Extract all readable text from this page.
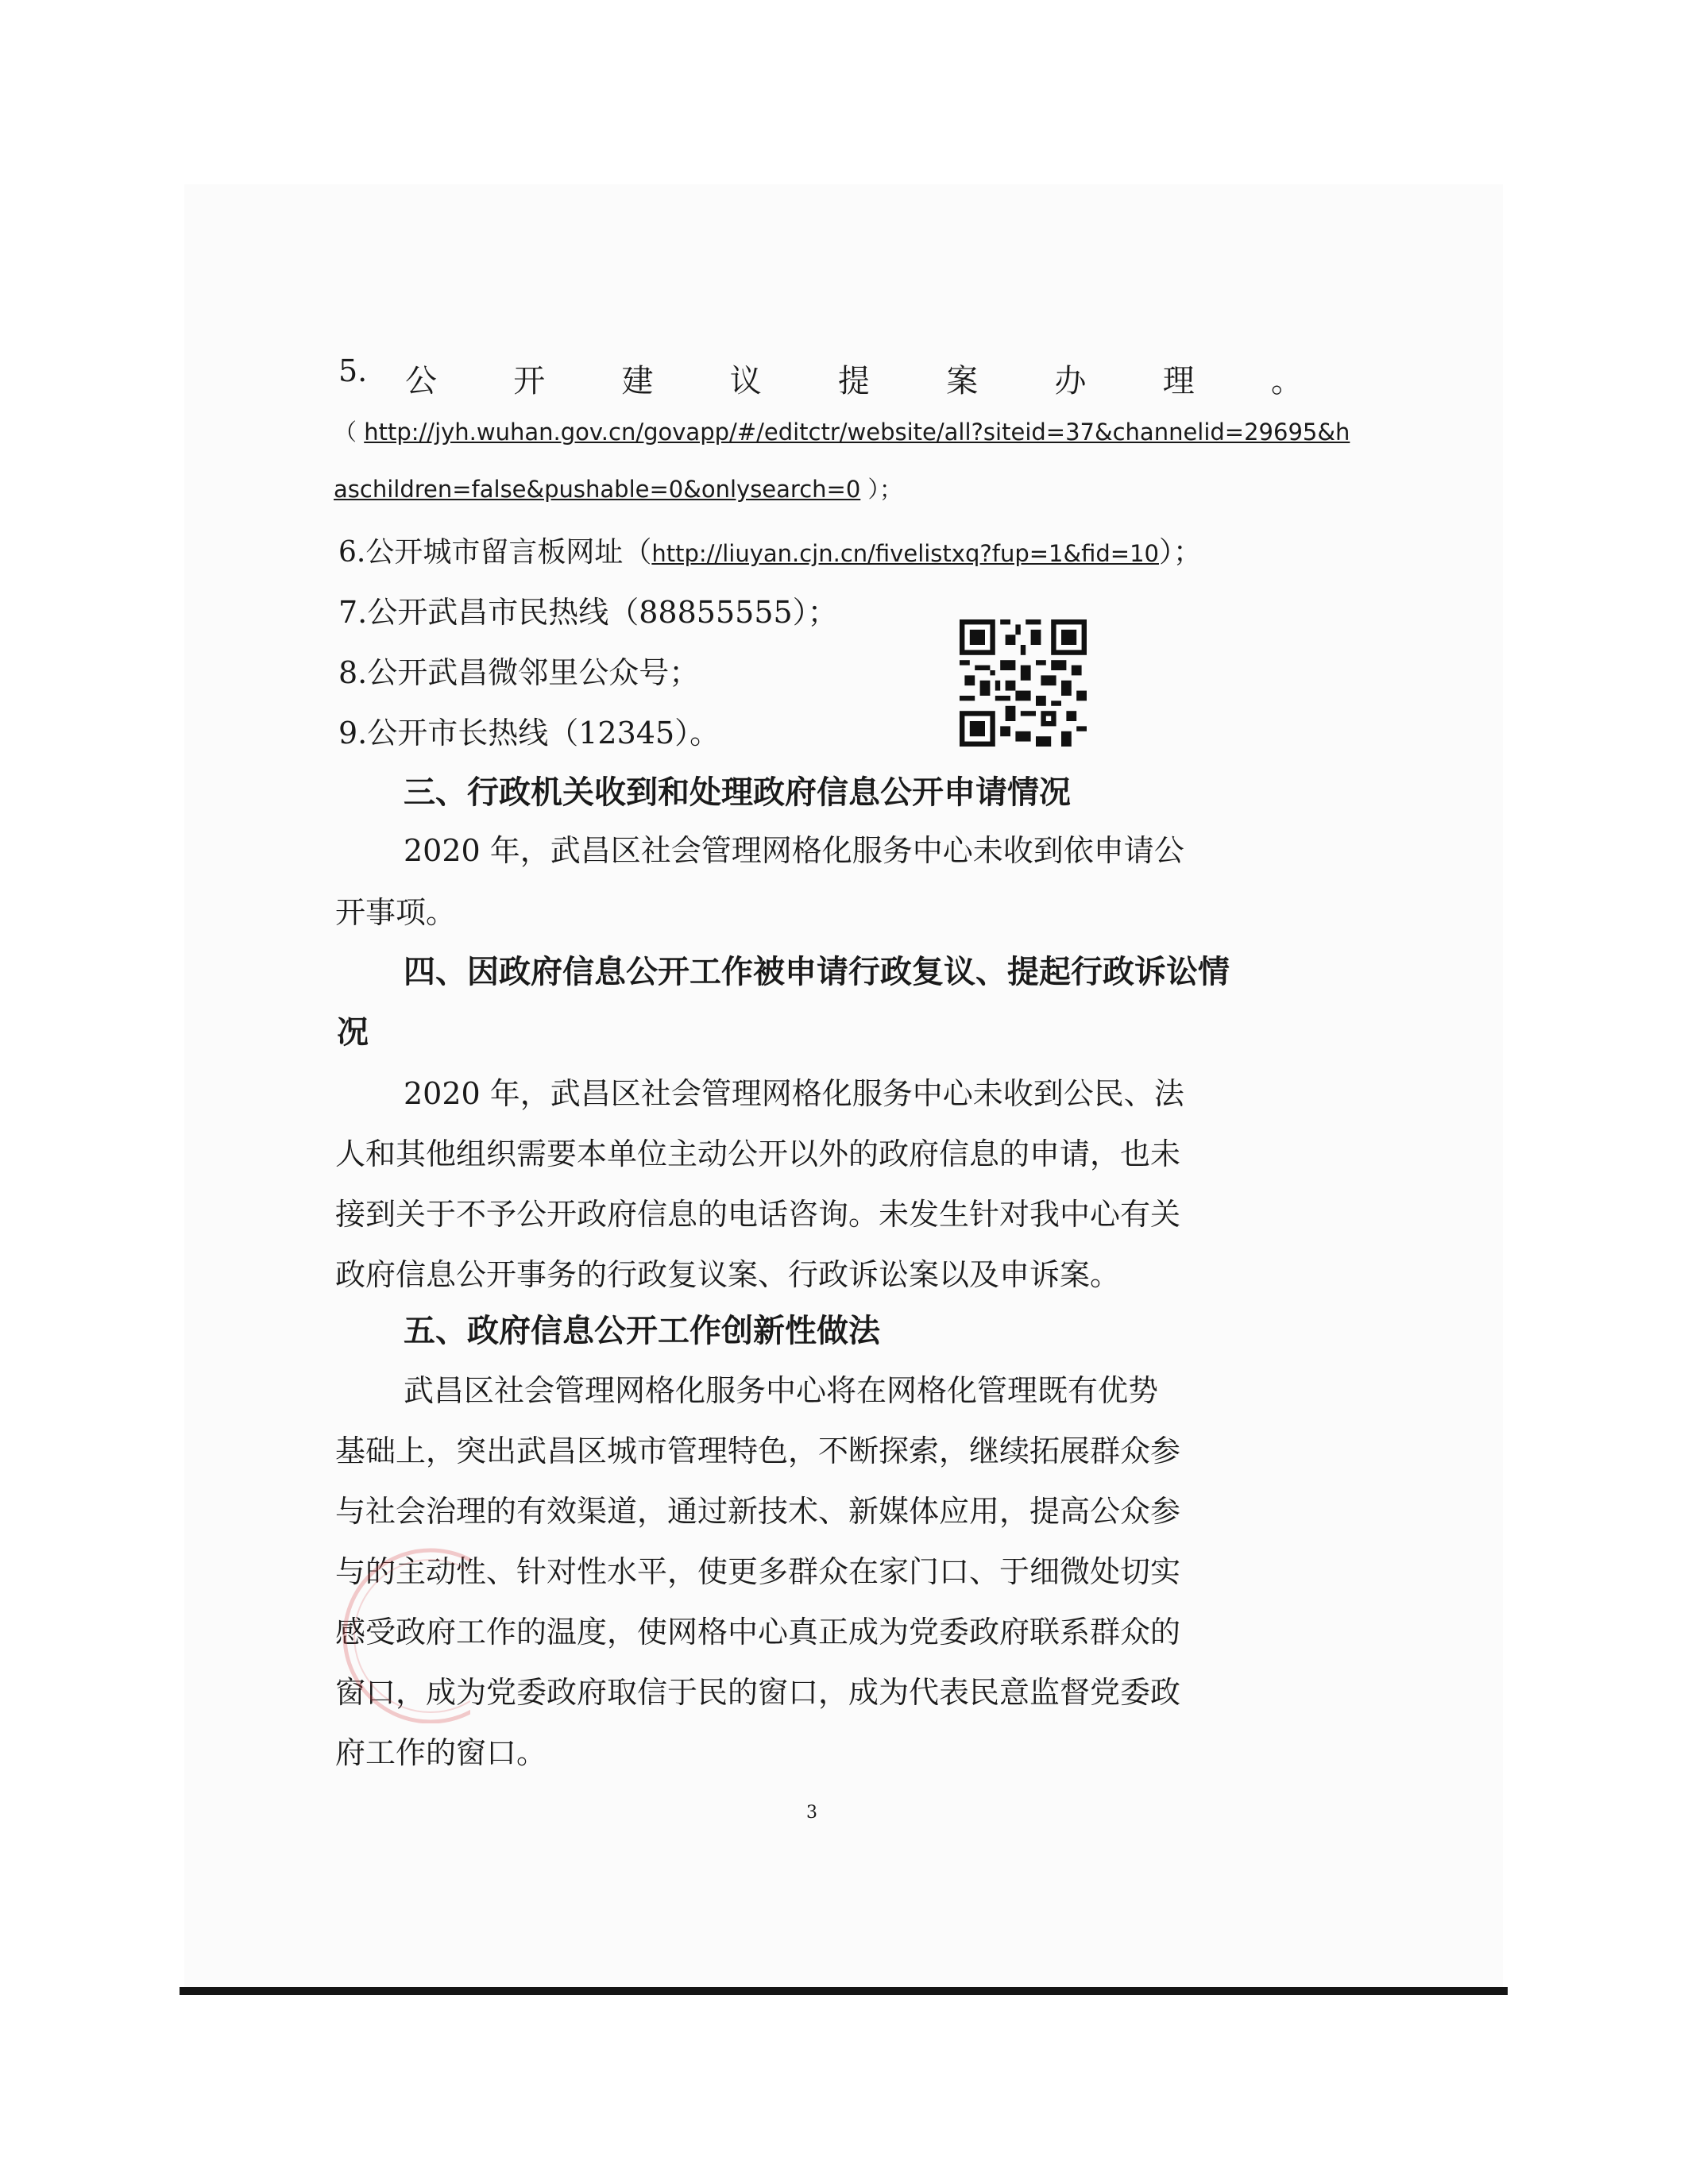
5. 公 开 建 议 提 案 办 理 。
（ http://jyh.wuhan.gov.cn/govapp/#/editctr/website/all?siteid=37&channelid=29695&h
aschildren=false&pushable=0&onlysearch=0 ）；
6.公开城市留言板网址（http://liuyan.cjn.cn/fivelistxq?fup=1&fid=10）；
7.公开武昌市民热线（88855555）；
8.公开武昌微邻里公众号；
9.公开市长热线（12345）。
三、行政机关收到和处理政府信息公开申请情况
2020 年，武昌区社会管理网格化服务中心未收到依申请公
开事项。
四、因政府信息公开工作被申请行政复议、提起行政诉讼情
况
2020 年，武昌区社会管理网格化服务中心未收到公民、法
人和其他组织需要本单位主动公开以外的政府信息的申请，也未
接到关于不予公开政府信息的电话咨询。未发生针对我中心有关
政府信息公开事务的行政复议案、行政诉讼案以及申诉案。
五、政府信息公开工作创新性做法
武昌区社会管理网格化服务中心将在网格化管理既有优势
基础上，突出武昌区城市管理特色，不断探索，继续拓展群众参
与社会治理的有效渠道，通过新技术、新媒体应用，提高公众参
与的主动性、针对性水平，使更多群众在家门口、于细微处切实
感受政府工作的温度，使网格中心真正成为党委政府联系群众的
窗口，成为党委政府取信于民的窗口，成为代表民意监督党委政
府工作的窗口。
3
